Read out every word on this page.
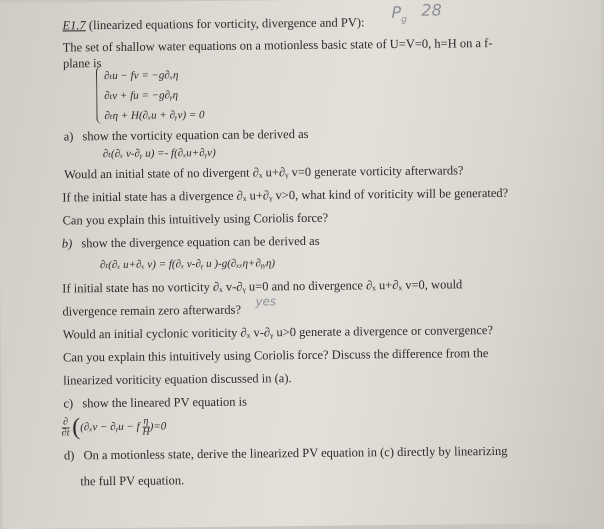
E1.7 (linearized equations for vorticity, divergence and PV):
$P_g$
28
The set of shallow water equations on a motionless basic state of U=V=0, h=H on a f-
plane is
∂ₜu − fv = −g∂ₓη
∂ₜv + fu = −g∂ᵧη
∂ₜη + H(∂ₓu + ∂ᵧv) = 0
a) show the vorticity equation can be derived as
∂ₜ(∂ₓ v-∂ᵧ u) =- f(∂ₓu+∂ᵧv)
Would an initial state of no divergent ∂ₓ u+∂ᵧ v=0 generate vorticity afterwards?
If the initial state has a divergence ∂ₓ u+∂ᵧ v>0, what kind of voriticity will be generated?
Can you explain this intuitively using Coriolis force?
b) show the divergence equation can be derived as
∂ₜ(∂ₓ u+∂ₓ v) = f(∂ₓ v-∂ᵧ u )-g(∂ₓₓη+∂ᵧᵧη)
If initial state has no vorticity ∂ₓ v-∂ᵧ u=0 and no divergence ∂ₓ u+∂ₓ v=0, would
divergence remain zero afterwards?
yes
Would an initial cyclonic voriticity ∂ₓ v-∂ᵧ u>0 generate a divergence or convergence?
Can you explain this intuitively using Coriolis force? Discuss the difference from the
linearized voriticity equation discussed in (a).
c) show the lineared PV equation is
$\frac{\partial}{\partial t} ((\partial_xv$ − ∂ᵧu − f $\frac{\eta}{H} )=0$
d) On a motionless state, derive the linearized PV equation in (c) directly by linearizing
the full PV equation.
